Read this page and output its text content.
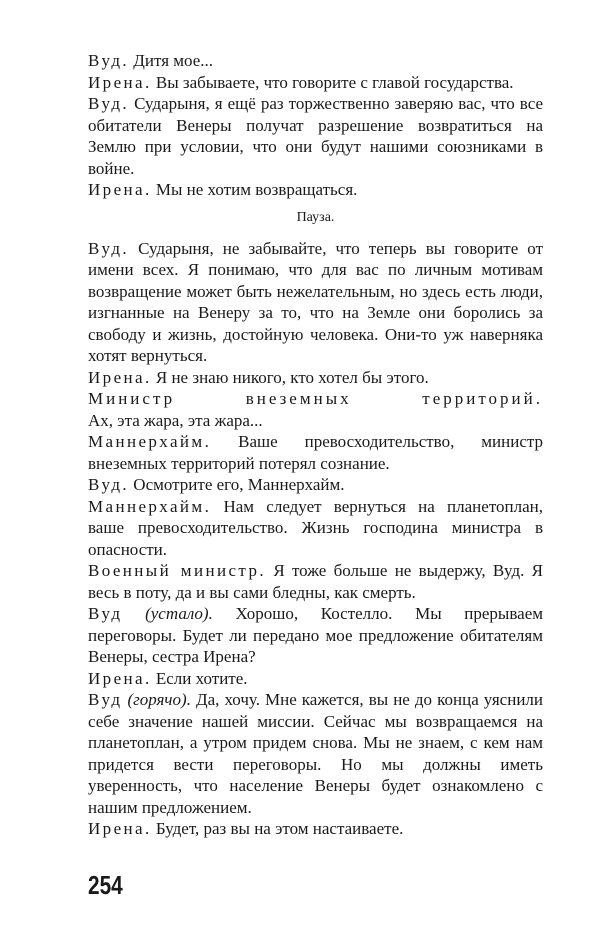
Вуд. Дитя мое...

Ирена. Вы забываете, что говорите с главой государства.

Вуд. Сударыня, я ещё раз торжественно заверяю вас, что все обитатели Венеры получат разрешение возвратиться на Землю при условии, что они будут нашими союзниками в войне.

Ирена. Мы не хотим возвращаться.

Пауза.

Вуд. Сударыня, не забывайте, что теперь вы говорите от имени всех. Я понимаю, что для вас по личным мотивам возвращение может быть нежелательным, но здесь есть люди, изгнанные на Венеру за то, что на Земле они боролись за свободу и жизнь, достойную человека. Они-то уж наверняка хотят вернуться.

Ирена. Я не знаю никого, кто хотел бы этого.

Министр	внеземных	территорий.
Ах, эта жара, эта жара...

Маннерхайм. Ваше превосходительство, министр внеземных территорий потерял сознание.

Вуд. Осмотрите его, Маннерхайм.

Маннерхайм. Нам следует вернуться на планетоплан, ваше превосходительство. Жизнь господина министра в опасности.

Военный министр. Я тоже больше не выдержу, Вуд. Я весь в поту, да и вы сами бледны, как смерть.

Вуд (устало). Хорошо, Костелло. Мы прерываем переговоры. Будет ли передано мое предложение обитателям Венеры, сестра Ирена?

Ирена. Если хотите.

Вуд (горячо). Да, хочу. Мне кажется, вы не до конца уяснили себе значение нашей миссии. Сейчас мы возвращаемся на планетоплан, а утром придем снова. Мы не знаем, с кем нам придется вести переговоры. Но мы должны иметь уверенность, что население Венеры будет ознакомлено с нашим предложением.

Ирена. Будет, раз вы на этом настаиваете.

254
